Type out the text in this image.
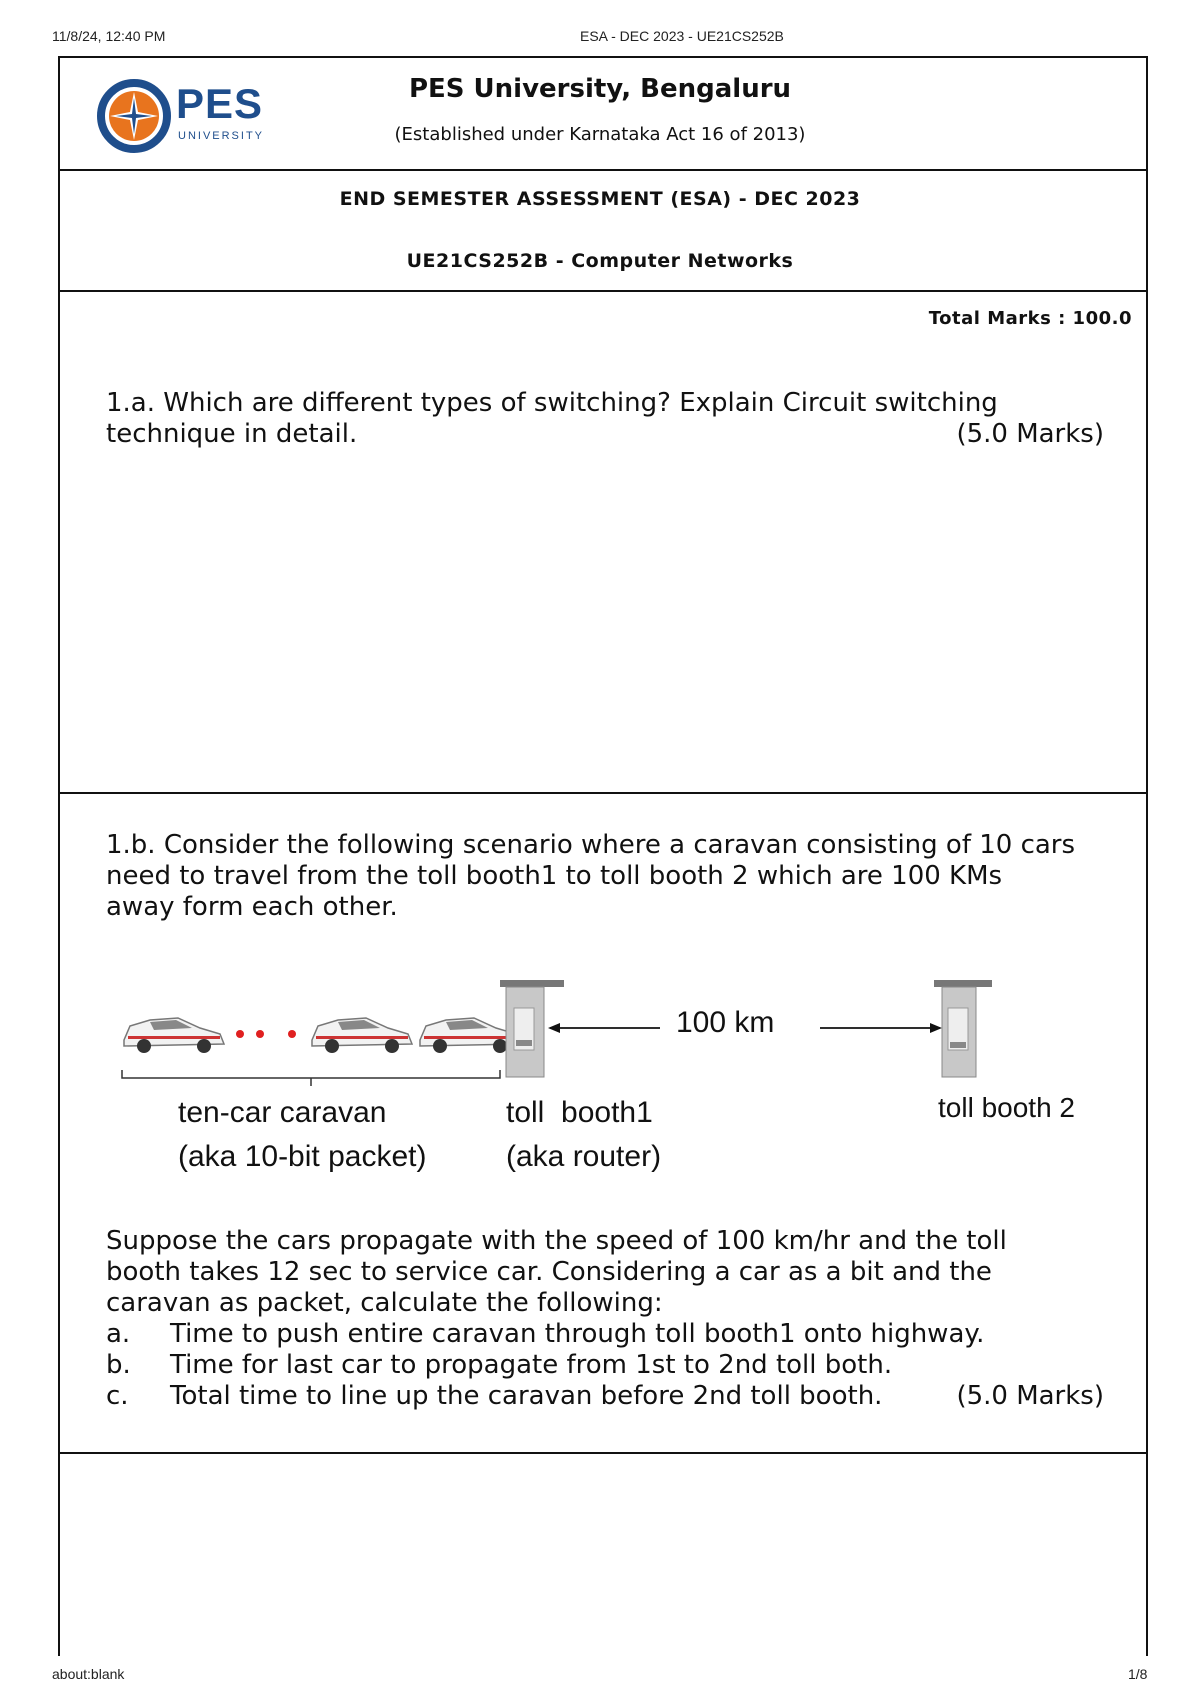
11/8/24, 12:40 PM	ESA - DEC 2023 - UE21CS252B
about:blank	1/8
PES
UNIVERSITY
PES University, Bengaluru
(Established under Karnataka Act 16 of 2013)
END SEMESTER ASSESSMENT (ESA) - DEC 2023
UE21CS252B - Computer Networks
Total Marks : 100.0
1.a. Which are different types of switching? Explain Circuit switching
technique in detail.	(5.0 Marks)
1.b. Consider the following scenario where a caravan consisting of 10 cars
need to travel from the toll booth1 to toll booth 2 which are 100 KMs
away form each other.
100 km
ten-car caravan
(aka 10-bit packet)
toll  booth1
(aka router)
toll booth 2
Suppose the cars propagate with the speed of 100 km/hr and the toll
booth takes 12 sec to service car. Considering a car as a bit and the
caravan as packet, calculate the following:
a. Time to push entire caravan through toll booth1 onto highway.
b. Time for last car to propagate from 1st to 2nd toll both.
c. Total time to line up the caravan before 2nd toll booth.	(5.0 Marks)
